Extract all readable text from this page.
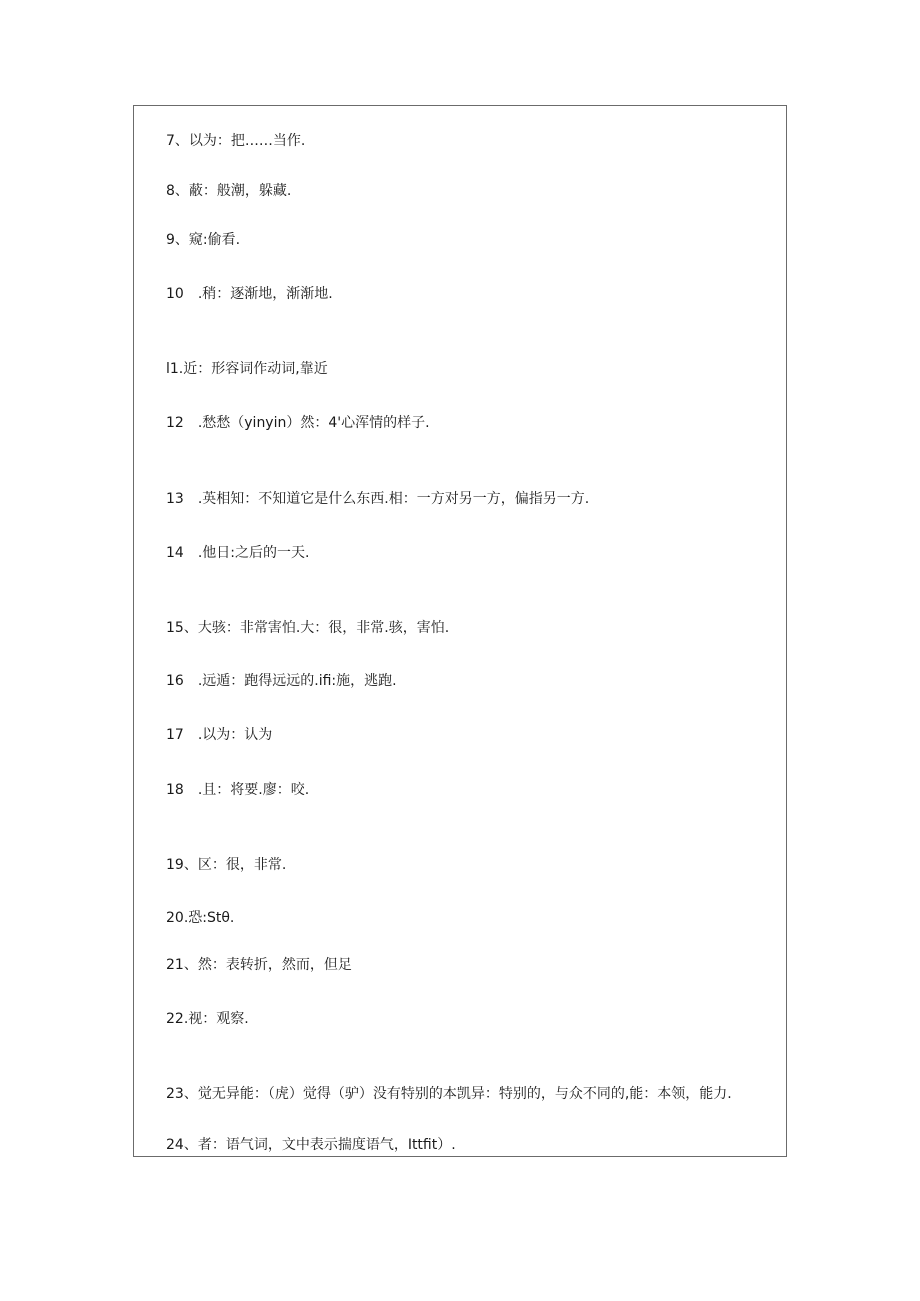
7、以为：把……当作.
8、蔽：般潮，躲藏.
9、窥:偷看.
10　.稍：逐渐地，渐渐地.
l1.近：形容词作动词,靠近
12　.愁愁（yinyin）然：4'心浑情的样子.
13　.英相知：不知道它是什么东西.相：一方对另一方，偏指另一方.
14　.他日:之后的一天.
15、大骇：非常害怕.大：很，非常.骇，害怕.
16　.远遁：跑得远远的.ifi:施，逃跑.
17　.以为：认为
18　.且：将要.廖：咬.
19、区：很，非常.
20.恐:Stθ.
21、然：表转折，然而，但足
22.视：观察.
23、觉无异能：（虎）觉得（驴）没有特别的本凯异：特别的，与众不同的,能：本领，能力.
24、者：语气词，文中表示揣度语气，Ittfit）.
